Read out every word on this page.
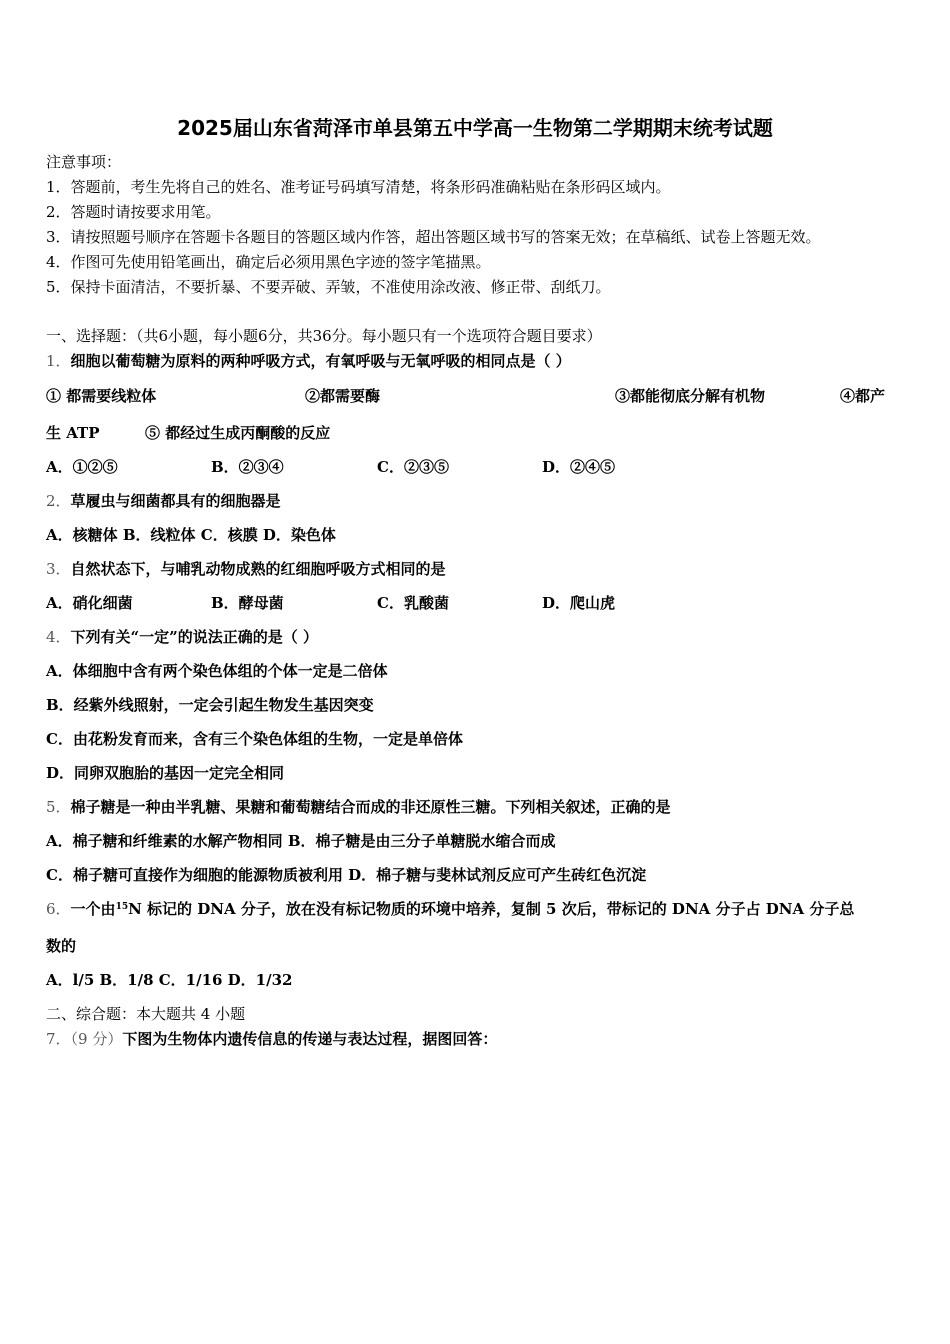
2025届山东省菏泽市单县第五中学高一生物第二学期期末统考试题
注意事项：
1．答题前，考生先将自己的姓名、准考证号码填写清楚，将条形码准确粘贴在条形码区域内。
2．答题时请按要求用笔。
3．请按照题号顺序在答题卡各题目的答题区域内作答，超出答题区域书写的答案无效；在草稿纸、试卷上答题无效。
4．作图可先使用铅笔画出，确定后必须用黑色字迹的签字笔描黑。
5．保持卡面清洁，不要折暴、不要弄破、弄皱，不准使用涂改液、修正带、刮纸刀。
一、选择题：（共6小题，每小题6分，共36分。每小题只有一个选项符合题目要求）
1．细胞以葡萄糖为原料的两种呼吸方式，有氧呼吸与无氧呼吸的相同点是（ ）
① 都需要线粒体	②都需要酶	③都能彻底分解有机物	④都产
生 ATP	⑤ 都经过生成丙酮酸的反应
A．①②⑤	B．②③④	C．②③⑤	D．②④⑤
2．草履虫与细菌都具有的细胞器是
A．核糖体 B．线粒体 C．核膜 D．染色体
3．自然状态下，与哺乳动物成熟的红细胞呼吸方式相同的是
A．硝化细菌	B．酵母菌	C．乳酸菌	D．爬山虎
4．下列有关“一定”的说法正确的是（ ）
A．体细胞中含有两个染色体组的个体一定是二倍体
B．经紫外线照射，一定会引起生物发生基因突变
C．由花粉发育而来，含有三个染色体组的生物，一定是单倍体
D．同卵双胞胎的基因一定完全相同
5．棉子糖是一种由半乳糖、果糖和葡萄糖结合而成的非还原性三糖。下列相关叙述，正确的是
A．棉子糖和纤维素的水解产物相同 B．棉子糖是由三分子单糖脱水缩合而成
C．棉子糖可直接作为细胞的能源物质被利用 D．棉子糖与斐林试剂反应可产生砖红色沉淀
6．一个由$^{15}$N 标记的 DNA 分子，放在没有标记物质的环境中培养，复制 5 次后，带标记的 DNA 分子占 DNA 分子总
数的
A．l/5 B．1/8 C．1/16 D．1/32
二、综合题：本大题共 4 小题
7．（9 分）下图为生物体内遗传信息的传递与表达过程，据图回答：
